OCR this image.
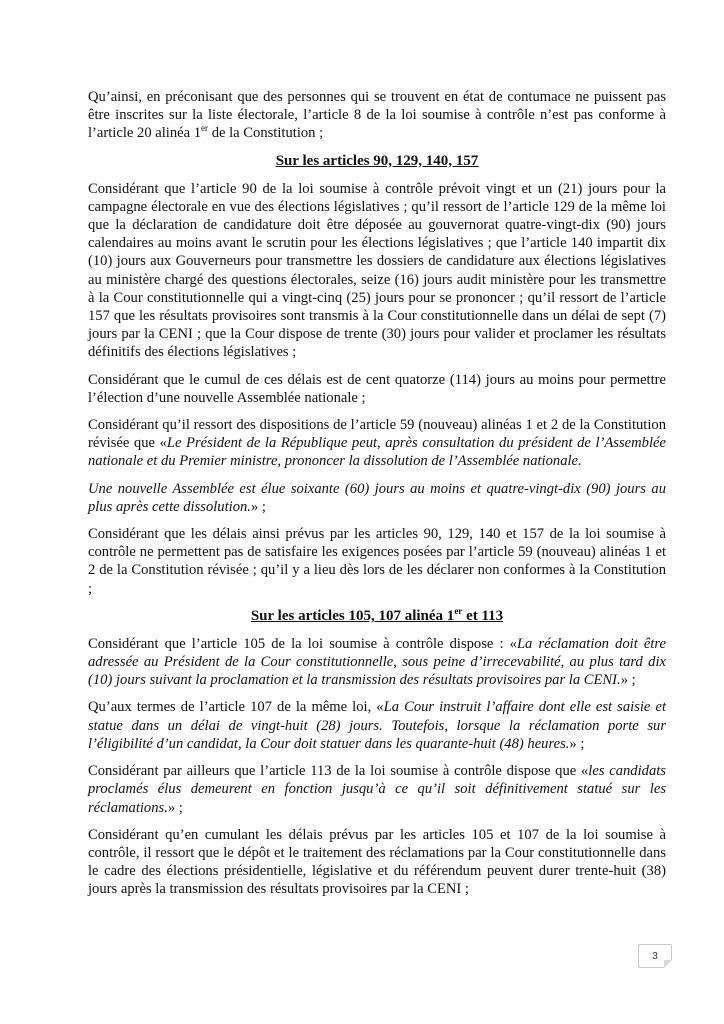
Qu’ainsi, en préconisant que des personnes qui se trouvent en état de contumace ne puissent pas être inscrites sur la liste électorale, l’article 8 de la loi soumise à contrôle n’est pas conforme à l’article 20 alinéa 1er de la Constitution ;

Sur les articles 90, 129, 140, 157

Considérant que l’article 90 de la loi soumise à contrôle prévoit vingt et un (21) jours pour la campagne électorale en vue des élections législatives ; qu’il ressort de l’article 129 de la même loi que la déclaration de candidature doit être déposée au gouvernorat quatre-vingt-dix (90) jours calendaires au moins avant le scrutin pour les élections législatives ; que l’article 140 impartit dix (10) jours aux Gouverneurs pour transmettre les dossiers de candidature aux élections législatives au ministère chargé des questions électorales, seize (16) jours audit ministère pour les transmettre à la Cour constitutionnelle qui a vingt-cinq (25) jours pour se prononcer ; qu’il ressort de l’article 157 que les résultats provisoires sont transmis à la Cour constitutionnelle dans un délai de sept (7) jours par la CENI ; que la Cour dispose de trente (30) jours pour valider et proclamer les résultats définitifs des élections législatives ;

Considérant que le cumul de ces délais est de cent quatorze (114) jours au moins pour permettre l’élection d’une nouvelle Assemblée nationale ;

Considérant qu’il ressort des dispositions de l’article 59 (nouveau) alinéas 1 et 2 de la Constitution révisée que «Le Président de la République peut, après consultation du président de l’Assemblée nationale et du Premier ministre, prononcer la dissolution de l’Assemblée nationale.

Une nouvelle Assemblée est élue soixante (60) jours au moins et quatre-vingt-dix (90) jours au plus après cette dissolution.» ;

Considérant que les délais ainsi prévus par les articles 90, 129, 140 et 157 de la loi soumise à contrôle ne permettent pas de satisfaire les exigences posées par l’article 59 (nouveau) alinéas 1 et 2 de la Constitution révisée ; qu’il y a lieu dès lors de les déclarer non conformes à la Constitution ;

Sur les articles 105, 107 alinéa 1er et 113

Considérant que l’article 105 de la loi soumise à contrôle dispose : «La réclamation doit être adressée au Président de la Cour constitutionnelle, sous peine d’irrecevabilité, au plus tard dix (10) jours suivant la proclamation et la transmission des résultats provisoires par la CENI.» ;

Qu’aux termes de l’article 107 de la même loi, «La Cour instruit l’affaire dont elle est saisie et statue dans un délai de vingt-huit (28) jours. Toutefois, lorsque la réclamation porte sur l’éligibilité d’un candidat, la Cour doit statuer dans les quarante-huit (48) heures.» ;

Considérant par ailleurs que l’article 113 de la loi soumise à contrôle dispose que «les candidats proclamés élus demeurent en fonction jusqu’à ce qu’il soit définitivement statué sur les réclamations.» ;

Considérant qu’en cumulant les délais prévus par les articles 105 et 107 de la loi soumise à contrôle, il ressort que le dépôt et le traitement des réclamations par la Cour constitutionnelle dans le cadre des élections présidentielle, législative et du référendum peuvent durer trente-huit (38) jours après la transmission des résultats provisoires par la CENI ;

3
